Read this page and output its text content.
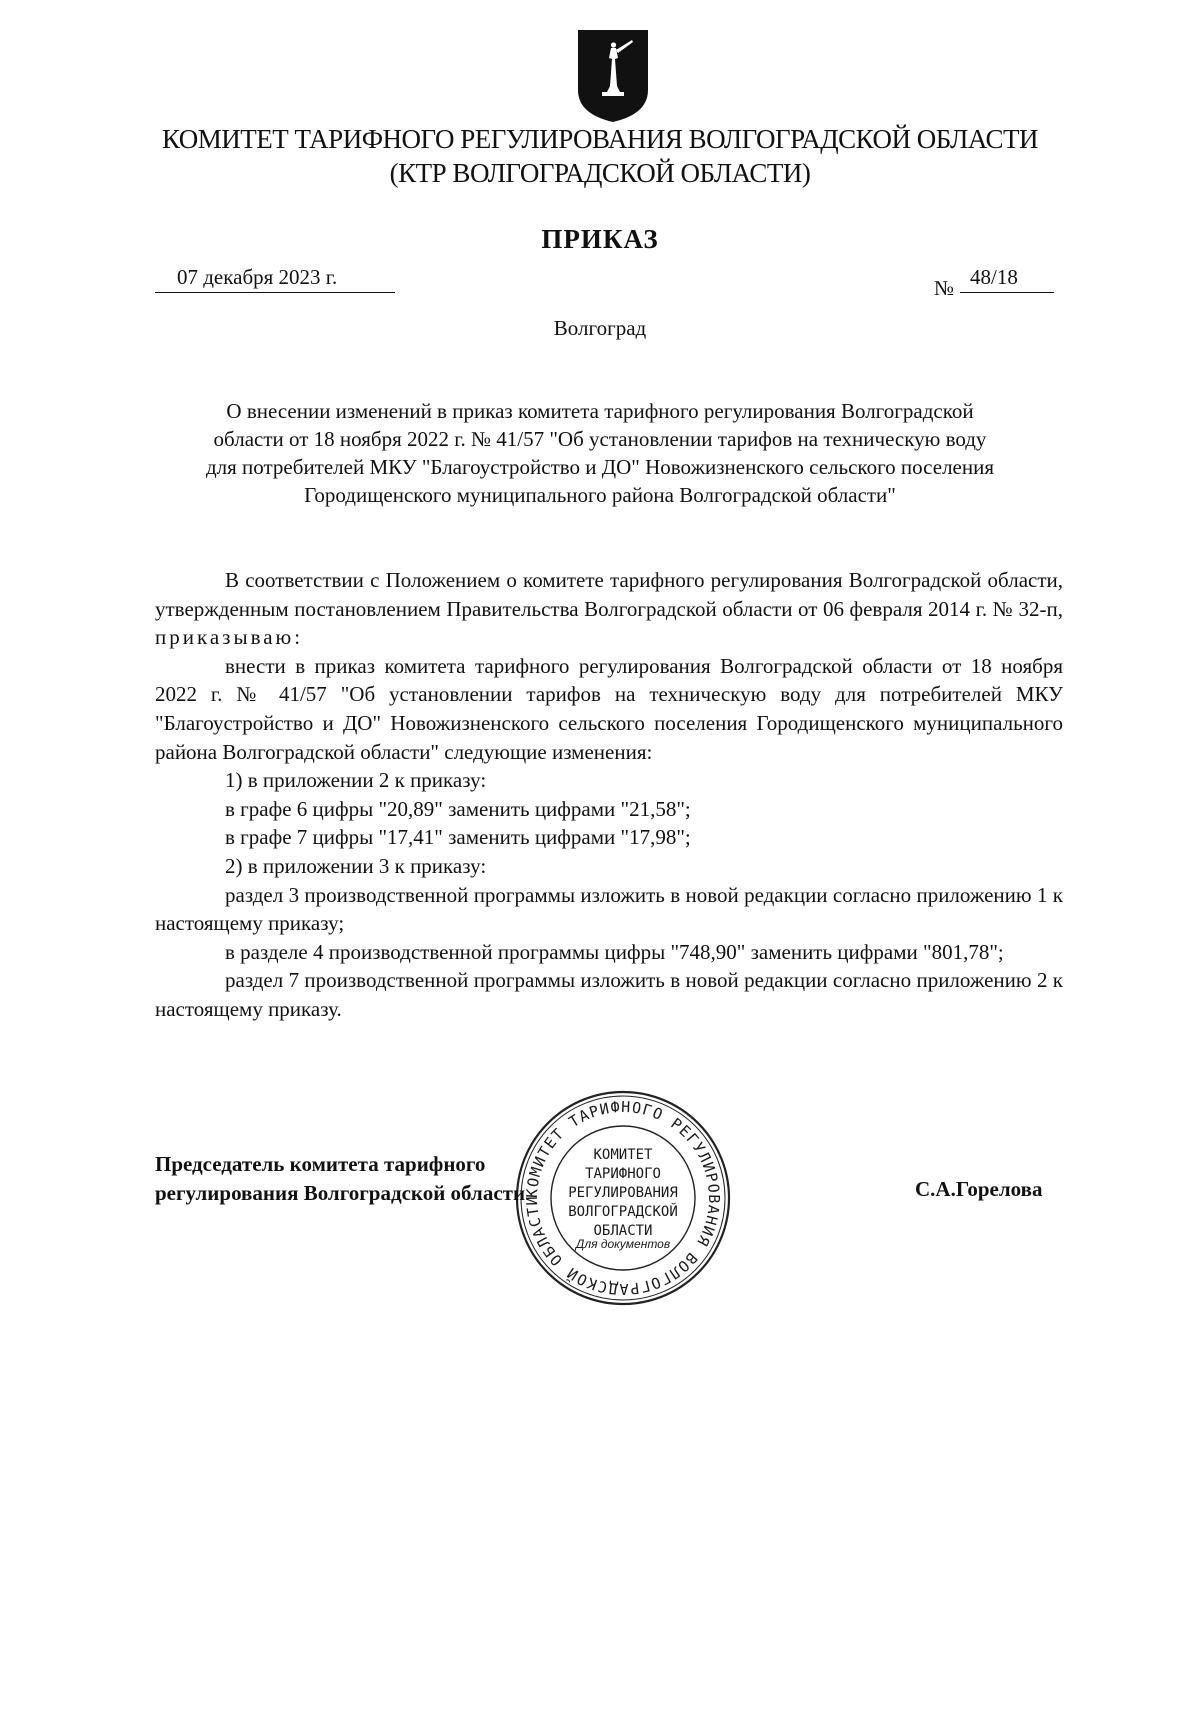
КОМИТЕТ ТАРИФНОГО РЕГУЛИРОВАНИЯ ВОЛГОГРАДСКОЙ ОБЛАСТИ
(КТР ВОЛГОГРАДСКОЙ ОБЛАСТИ)
ПРИКАЗ
07 декабря 2023 г.	№ 48/18
Волгоград
О внесении изменений в приказ комитета тарифного регулирования Волгоградской
области от 18 ноября 2022 г. № 41/57 "Об установлении тарифов на техническую воду
для потребителей МКУ "Благоустройство и ДО" Новожизненского сельского поселения
Городищенского муниципального района Волгоградской области"

В соответствии с Положением о комитете тарифного регулирования Волгоградской области, утвержденным постановлением Правительства Волгоградской области от 06 февраля 2014 г. № 32-п, приказываю:

внести в приказ комитета тарифного регулирования Волгоградской области от 18 ноября 2022 г. № 41/57 "Об установлении тарифов на техническую воду для потребителей МКУ "Благоустройство и ДО" Новожизненского сельского поселения Городищенского муниципального района Волгоградской области" следующие изменения:

1) в приложении 2 к приказу:
в графе 6 цифры "20,89" заменить цифрами "21,58";
в графе 7 цифры "17,41" заменить цифрами "17,98";
2) в приложении 3 к приказу:

раздел 3 производственной программы изложить в новой редакции согласно приложению 1 к настоящему приказу;

в разделе 4 производственной программы цифры "748,90" заменить цифрами "801,78";

раздел 7 производственной программы изложить в новой редакции согласно приложению 2 к настоящему приказу.

КОМИТЕТ ТАРИФНОГО РЕГУЛИРОВАНИЯ ВОЛГОГРАДСКОЙ ОБЛАСТИ
КОМИТЕТ
ТАРИФНОГО
РЕГУЛИРОВАНИЯ
ВОЛГОГРАДСКОЙ
ОБЛАСТИ
Для документов
Председатель комитета тарифного
регулирования Волгоградской области	С.А.Горелова
